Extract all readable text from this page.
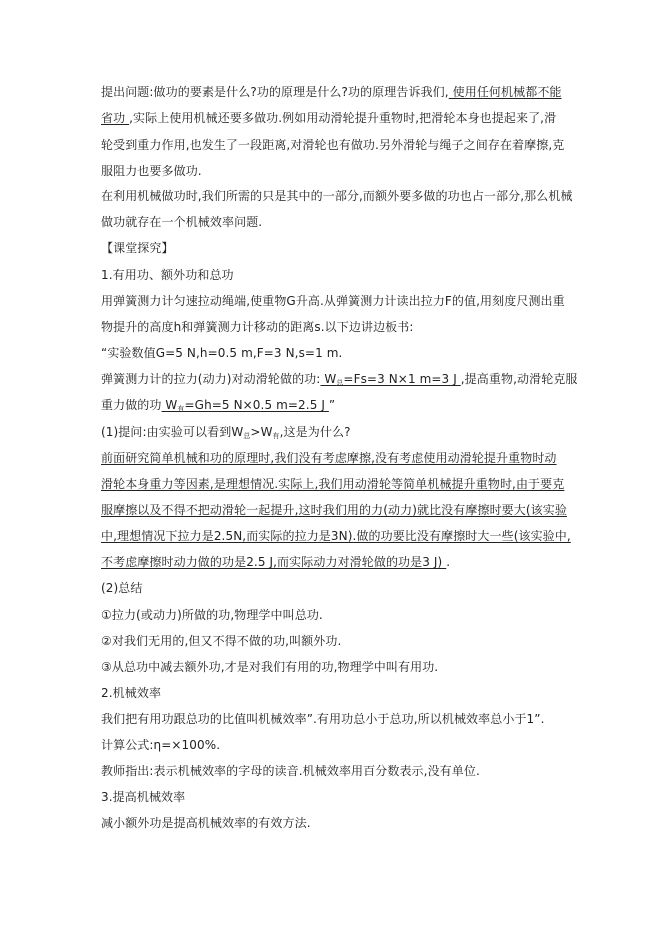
提出问题:做功的要素是什么?功的原理是什么?功的原理告诉我们, 使用任何机械都不能
省功 ,实际上使用机械还要多做功.例如用动滑轮提升重物时,把滑轮本身也提起来了,滑
轮受到重力作用,也发生了一段距离,对滑轮也有做功.另外滑轮与绳子之间存在着摩擦,克
服阻力也要多做功.
在利用机械做功时,我们所需的只是其中的一部分,而额外要多做的功也占一部分,那么机械
做功就存在一个机械效率问题.
【课堂探究】
1.有用功、额外功和总功
用弹簧测力计匀速拉动绳端,使重物G升高.从弹簧测力计读出拉力F的值,用刻度尺测出重
物提升的高度h和弹簧测力计移动的距离s.以下边讲边板书:
“实验数值G=5 N,h=0.5 m,F=3 N,s=1 m.
弹簧测力计的拉力(动力)对动滑轮做的功: $W_总=Fs=3$ N×1 m=3 J ,提高重物,动滑轮克服
重力做的功 $W_有=Gh=5$ N×0.5 m=2.5 J ”
(1)提问:由实验可以看到$W_总>W_有$,这是为什么?
前面研究简单机械和功的原理时,我们没有考虑摩擦,没有考虑使用动滑轮提升重物时动
滑轮本身重力等因素,是理想情况.实际上,我们用动滑轮等简单机械提升重物时,由于要克
服摩擦以及不得不把动滑轮一起提升,这时我们用的力(动力)就比没有摩擦时要大(该实验
中,理想情况下拉力是2.5N,而实际的拉力是3N).做的功要比没有摩擦时大一些(该实验中,
不考虑摩擦时动力做的功是2.5 J,而实际动力对滑轮做的功是3 J) .
(2)总结
①拉力(或动力)所做的功,物理学中叫总功.
②对我们无用的,但又不得不做的功,叫额外功.
③从总功中减去额外功,才是对我们有用的功,物理学中叫有用功.
2.机械效率
我们把有用功跟总功的比值叫机械效率”.有用功总小于总功,所以机械效率总小于1”.
计算公式:η=×100%.
教师指出:表示机械效率的字母的读音.机械效率用百分数表示,没有单位.
3.提高机械效率
减小额外功是提高机械效率的有效方法.
